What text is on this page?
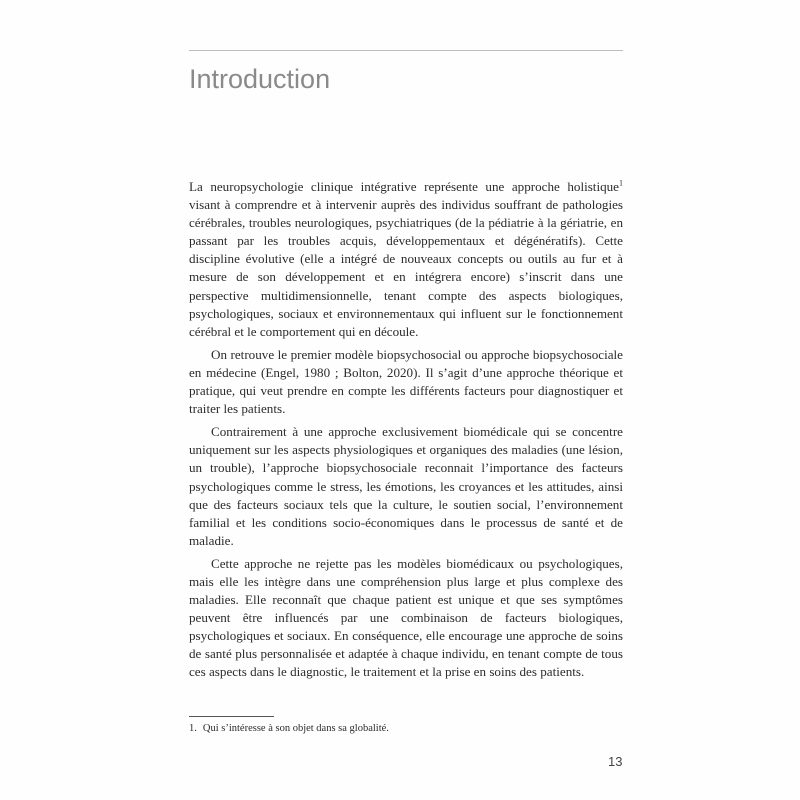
Introduction

La neuropsychologie clinique intégrative représente une approche holistique$^1$ visant à comprendre et à intervenir auprès des individus souffrant de pathologies cérébrales, troubles neurologiques, psychiatriques (de la pédiatrie à la gériatrie, en passant par les troubles acquis, développementaux et dégénératifs). Cette discipline évolutive (elle a intégré de nouveaux concepts ou outils au fur et à mesure de son développement et en intégrera encore) s’inscrit dans une perspective multidimensionnelle, tenant compte des aspects biologiques, psychologiques, sociaux et environnementaux qui influent sur le fonctionnement cérébral et le comportement qui en découle.

On retrouve le premier modèle biopsychosocial ou approche biopsychosociale en médecine (Engel, 1980 ; Bolton, 2020). Il s’agit d’une approche théorique et pratique, qui veut prendre en compte les différents facteurs pour diagnostiquer et traiter les patients.

Contrairement à une approche exclusivement biomédicale qui se concentre uniquement sur les aspects physiologiques et organiques des maladies (une lésion, un trouble), l’approche biopsychosociale reconnait l’importance des facteurs psychologiques comme le stress, les émotions, les croyances et les attitudes, ainsi que des facteurs sociaux tels que la culture, le soutien social, l’environnement familial et les conditions socio-économiques dans le processus de santé et de maladie.

Cette approche ne rejette pas les modèles biomédicaux ou psychologiques, mais elle les intègre dans une compréhension plus large et plus complexe des maladies. Elle reconnaît que chaque patient est unique et que ses symptômes peuvent être influencés par une combinaison de facteurs biologiques, psychologiques et sociaux. En conséquence, elle encourage une approche de soins de santé plus personnalisée et adaptée à chaque individu, en tenant compte de tous ces aspects dans le diagnostic, le traitement et la prise en soins des patients.

1. Qui s’intéresse à son objet dans sa globalité.
13
